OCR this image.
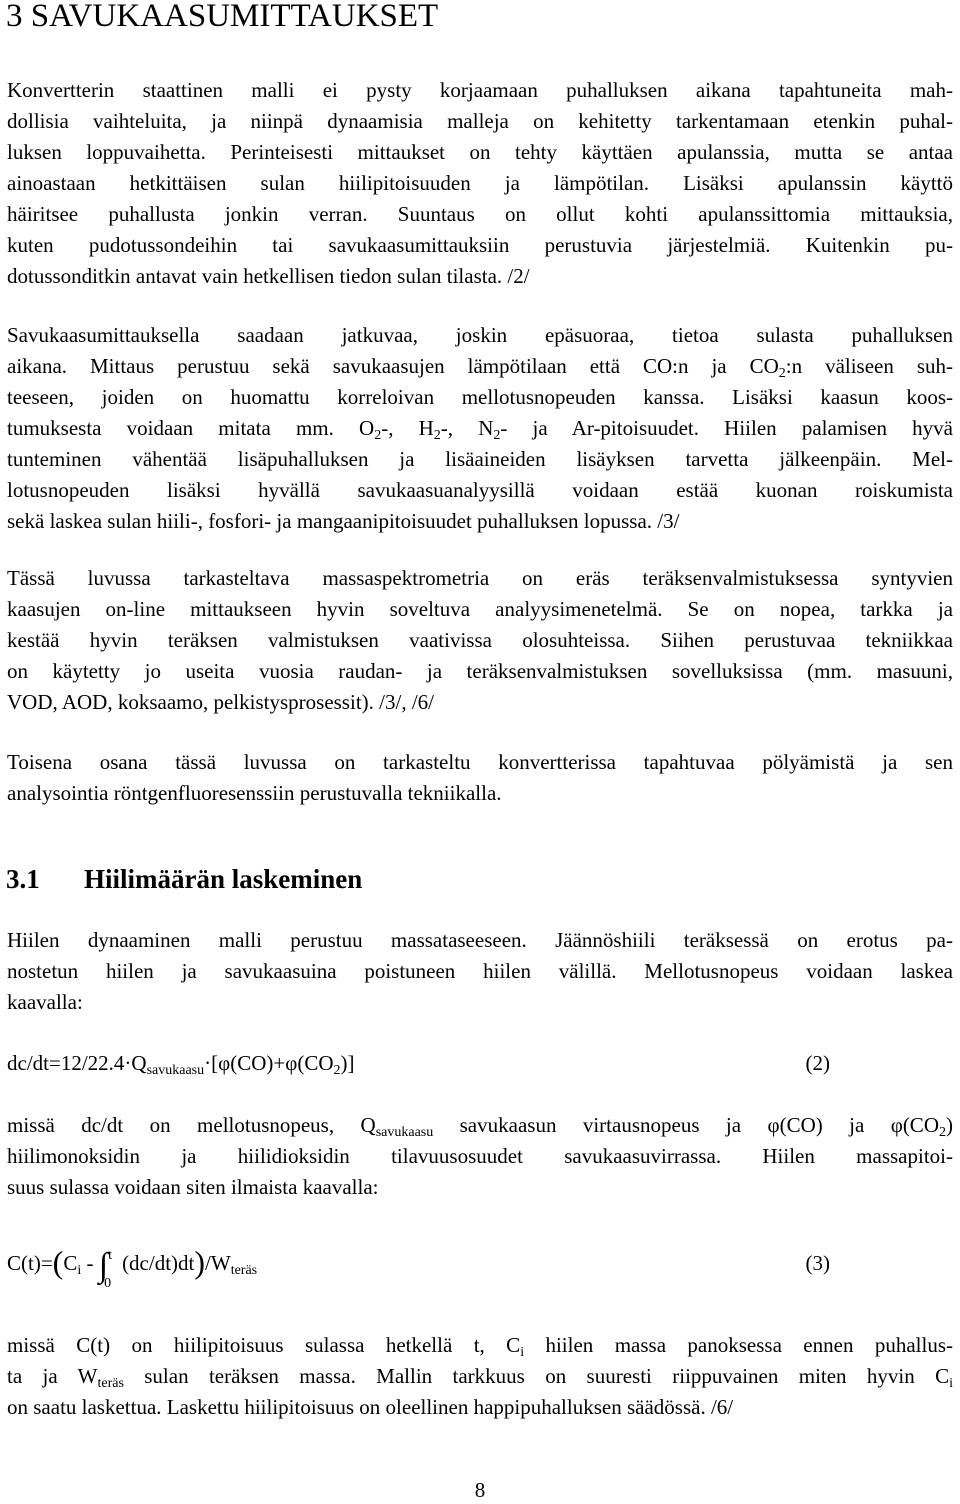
3 SAVUKAASUMITTAUKSET
Konvertterin staattinen malli ei pysty korjaamaan puhalluksen aikana tapahtuneita mah-
dollisia vaihteluita, ja niinpä dynaamisia malleja on kehitetty tarkentamaan etenkin puhal-
luksen loppuvaihetta. Perinteisesti mittaukset on tehty käyttäen apulanssia, mutta se antaa
ainoastaan hetkittäisen sulan hiilipitoisuuden ja lämpötilan. Lisäksi apulanssin käyttö
häiritsee puhallusta jonkin verran. Suuntaus on ollut kohti apulanssittomia mittauksia,
kuten pudotussondeihin tai savukaasumittauksiin perustuvia järjestelmiä. Kuitenkin pu-
dotussonditkin antavat vain hetkellisen tiedon sulan tilasta. /2/
Savukaasumittauksella saadaan jatkuvaa, joskin epäsuoraa, tietoa sulasta puhalluksen
aikana. Mittaus perustuu sekä savukaasujen lämpötilaan että CO:n ja $CO_2:n$ väliseen suh-
teeseen, joiden on huomattu korreloivan mellotusnopeuden kanssa. Lisäksi kaasun koos-
tumuksesta voidaan mitata mm. $O_2-$, $H_2-$, $N_2-$ ja Ar-pitoisuudet. Hiilen palamisen hyvä
tunteminen vähentää lisäpuhalluksen ja lisäaineiden lisäyksen tarvetta jälkeenpäin. Mel-
lotusnopeuden lisäksi hyvällä savukaasuanalyysillä voidaan estää kuonan roiskumista
sekä laskea sulan hiili-, fosfori- ja mangaanipitoisuudet puhalluksen lopussa. /3/
Tässä luvussa tarkasteltava massaspektrometria on eräs teräksenvalmistuksessa syntyvien
kaasujen on-line mittaukseen hyvin soveltuva analyysimenetelmä. Se on nopea, tarkka ja
kestää hyvin teräksen valmistuksen vaativissa olosuhteissa. Siihen perustuvaa tekniikkaa
on käytetty jo useita vuosia raudan- ja teräksenvalmistuksen sovelluksissa (mm. masuuni,
VOD, AOD, koksaamo, pelkistysprosessit). /3/, /6/
Toisena osana tässä luvussa on tarkasteltu konvertterissa tapahtuvaa pölyämistä ja sen
analysointia röntgenfluoresenssiin perustuvalla tekniikalla.
3.1 Hiilimäärän laskeminen
Hiilen dynaaminen malli perustuu massataseeseen. Jäännöshiili teräksessä on erotus pa-
nostetun hiilen ja savukaasuina poistuneen hiilen välillä. Mellotusnopeus voidaan laskea
kaavalla:
$dc/dt=12/22.4\cdot Q_{savukaasu}\cdot[\varphi(CO)+\varphi(CO_2)]$	(2)
missä dc/dt on mellotusnopeus, $Q_{savukaasu}$ savukaasun virtausnopeus ja φ(CO) ja $\varphi(CO_2)$
hiilimonoksidin ja hiilidioksidin tilavuusosuudet savukaasuvirrassa. Hiilen massapitoi-
suus sulassa voidaan siten ilmaista kaavalla:
$C(t)=(C_i$ - ∫ t
0
$(dc/dt)dt)/W_{teräs}$	(3)
missä C(t) on hiilipitoisuus sulassa hetkellä t, $C_i$ hiilen massa panoksessa ennen puhallus-
ta ja $W_{teräs}$ sulan teräksen massa. Mallin tarkkuus on suuresti riippuvainen miten hyvin $C_i$
on saatu laskettua. Laskettu hiilipitoisuus on oleellinen happipuhalluksen säädössä. /6/
8
